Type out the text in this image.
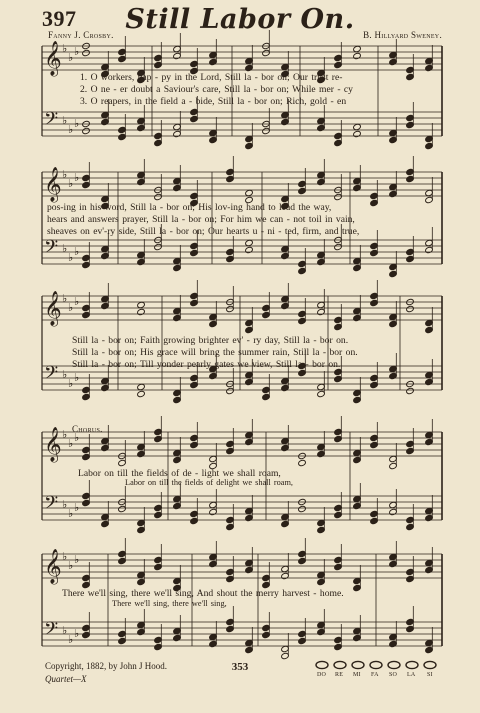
397	Still Labor On.
Fanny J. Crosby.	B. Hillyard Sweney.
𝄞 ♭
♭ ♭
𝄢 ♭
♭ ♭
𝄞 ♭
♭ ♭
𝄢 ♭
♭ ♭
𝄞 ♭
♭ ♭
𝄢 ♭
♭ ♭
𝄞 ♭
♭ ♭
𝄢 ♭
♭ ♭
𝄞 ♭
♭ ♭
𝄢 ♭
♭ ♭
1. O workers, hap - py in the Lord, Still la - bor on; Our trust re-
2. O ne - er doubt a Saviour's care, Still la - bor on; While mer - cy
3. O reapers, in the field a - bide, Still la - bor on; Rich, gold - en
pos-ing in his word, Still la - bor on; His lov-ing hand to lead the way,
hears and answers prayer, Still la - bor on; For him we can - not toil in vain,
sheaves on ev'-ry side, Still la - bor on; Our hearts u - ni - ted, firm, and true,
Still la - bor on; Faith growing brighter ev' - ry day, Still la - bor on.
Still la - bor on; His grace will bring the summer rain, Still la - bor on.
Still la - bor on; Till yonder pearly gates we view, Still la - bor on.
Chorus.
Labor on till the fields of de - light we shall roam,
Labor on till the fields of delight we shall roam,
There we'll sing, there we'll sing, And shout the merry harvest - home.
There we'll sing, there we'll sing,
Copyright, 1882, by John J Hood.
Quartet—X
353
DO RE MI FA SO LA SI
